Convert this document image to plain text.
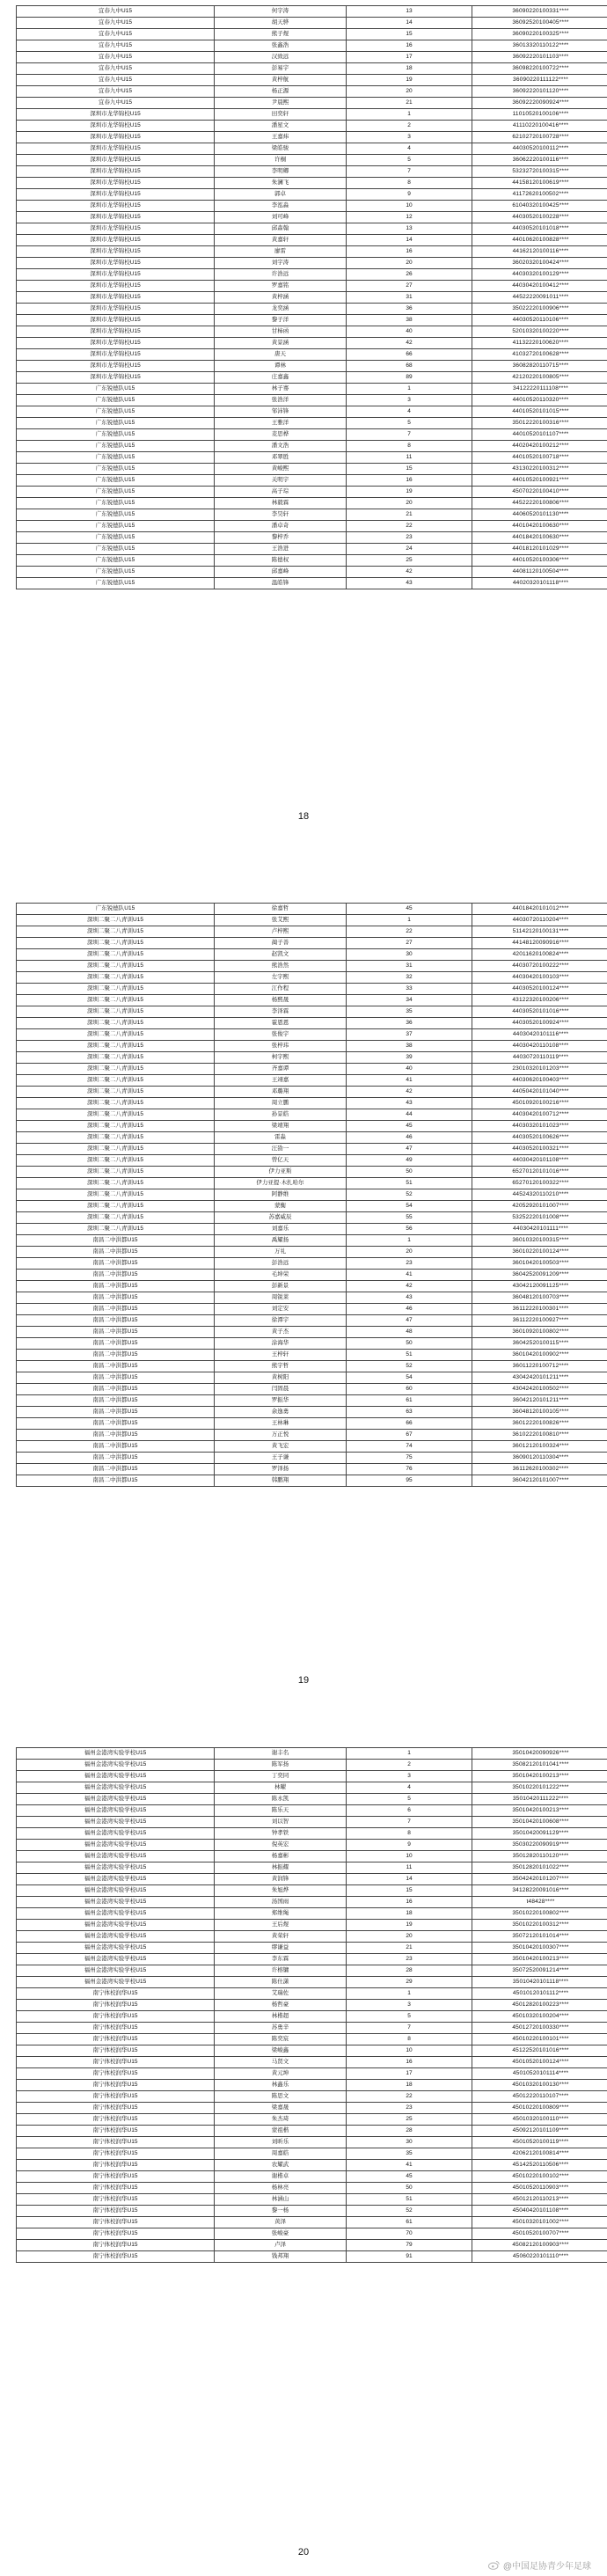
宜春九中U15	何宇涛	13	36090220100331****
宜春九中U15	胡天骅	14	36092520100405****
宜春九中U15	熊子煜	15	36090220100325****
宜春九中U15	张鑫浩	16	36013320110122****
宜春九中U15	汉致远	17	36092220101103****
宜春九中U15	彭易宇	18	36098220100722****
宜春九中U15	黄梓航	19	36090220111122****
宜春九中U15	杨正源	20	36092220101120****
宜春九中U15	尹晨熙	21	36092220090924****
深圳市龙华锦校U15	田奕轩	1	11010520100106****
深圳市龙华锦校U15	潘星文	2	41110220100416****
深圳市龙华锦校U15	王嘉炜	3	62102720100728****
深圳市龙华锦校U15	梁皓骏	4	44030520100112****
深圳市龙华锦校U15	许桐	5	36062220100116****
深圳市龙华锦校U15	李明卿	7	53232720100315****
深圳市龙华锦校U15	朱澜飞	8	44158120100619****
深圳市龙华锦校U15	郭卓	9	41172620100502****
深圳市龙华锦校U15	李泓淼	10	61040320100425****
深圳市龙华锦校U15	刘可峰	12	44030520100228****
深圳市龙华锦校U15	邱森翰	13	44030520101018****
深圳市龙华锦校U15	黄嘉轩	14	44010620100828****
深圳市龙华锦校U15	廖雷	16	44162120100116****
深圳市龙华锦校U15	刘宇涛	20	36020320100424****
深圳市龙华锦校U15	许浩远	26	44030320100129****
深圳市龙华锦校U15	罗嘉铭	27	44030420100412****
深圳市龙华锦校U15	黄梓涵	31	44522220091011****
深圳市龙华锦校U15	龙奕涵	36	35022220100906****
深圳市龙华锦校U15	黎子洋	38	44030520110106****
深圳市龙华锦校U15	甘柿函	40	52010320100220****
深圳市龙华锦校U15	黄景涵	42	41132220100620****
深圳市龙华锦校U15	唐天	66	41032720100628****
深圳市龙华锦校U15	谭林	68	36082820110715****
深圳市龙华锦校U15	庄嘉鑫	89	42120220100805****
广东锐德队U15	林子骞	1	34122220111108****
广东锐德队U15	张浩洋	3	44010520110320****
广东锐德队U15	邹沛锋	4	44010520101015****
广东锐德队U15	王雅洋	5	35012220100316****
广东锐德队U15	麦思桦	7	44010520101107****
广东锐德队U15	潘文浩	8	44020420100212****
广东锐德队U15	邓翠胜	11	44010520100718****
广东锐德队U15	黄峻熙	15	43130220100312****
广东锐德队U15	关明宇	16	44010520100921****
广东锐德队U15	高子琮	19	45070220100410****
广东锐德队U15	林毅霖	20	44522220100806****
广东锐德队U15	李昊轩	21	44060520101130****
广东锐德队U15	潘卓奇	22	44010420100630****
广东锐德队U15	黎梓乔	23	44018420100630****
广东锐德队U15	王浩进	24	44018120101029****
广东锐德队U15	陈德权	25	44010520100306****
广东锐德队U15	邱嘉峰	42	44081120100504****
广东锐德队U15	温皓锋	43	44020320101118****
18
广东锐德队U15	徐嘉哲	45	44018420101012****
深圳二聚二八青训U15	张艾熙	1	44030720110204****
深圳二聚二八青训U15	卢梓熙	22	51142120100131****
深圳二聚二八青训U15	蔺子善	27	44148120090916****
深圳二聚二八青训U15	赵凯文	30	42011620100824****
深圳二聚二八青训U15	熊浩然	31	44030720100222****
深圳二聚二八青训U15	左宇熙	32	44030420100103****
深圳二聚二八青训U15	江作程	33	44030520100124****
深圳二聚二八青训U15	杨熙晟	34	43122320100206****
深圳二聚二八青训U15	李泽霖	35	44030520101016****
深圳二聚二八青训U15	霍恩恩	36	44030520100924****
深圳二聚二八青训U15	张俊宇	37	44030420101116****
深圳二聚二八青训U15	张梓玮	38	44030420110108****
深圳二聚二八青训U15	柯宇熙	39	44030720110119****
深圳二聚二八青训U15	齐嘉谭	40	23010320101203****
深圳二聚二八青训U15	王翊嘉	41	44030620100403****
深圳二聚二八青训U15	邓璐翔	42	44050420101040****
深圳二聚二八青训U15	周立鹏	43	45010920100216****
深圳二聚二八青训U15	孙景皓	44	44030420100712****
深圳二聚二八青训U15	梁靖翔	45	44030320101023****
深圳二聚二八青训U15	雷淼	46	44030520100626****
深圳二聚二八青训U15	汪劭一	47	44030520100321****
深圳二聚二八青训U15	曾亿天	49	44030420101108****
深圳二聚二八青训U15	伊力亚斯	50	65270120101016****
深圳二聚二八青训U15	伊力亚提·木扎哈尔	51	65270120100322****
深圳二聚二八青训U15	阿静维	52	44524320110210****
深圳二聚二八青训U15	蒙衡	54	42052920101007****
深圳二聚二八青训U15	苏嘉威辰	55	53252220101008****
深圳二聚二八青训U15	刘嘉乐	56	44030420101111****
南昌二中洪都U15	禹耀扬	1	36010320100315****
南昌二中洪都U15	万礼	20	36010220100124****
南昌二中洪都U15	彭浩远	23	36010420100503****
南昌二中洪都U15	毛坤荣	41	36042520091209****
南昌二中洪都U15	彭新景	42	43042120091125****
南昌二中洪都U15	周锐莱	43	36048120100703****
南昌二中洪都U15	刘定安	46	36112220100301****
南昌二中洪都U15	徐潭宇	47	36112220100927****
南昌二中洪都U15	黄子杰	48	36010920100802****
南昌二中洪都U15	涂海华	50	36042520100115****
南昌二中洪都U15	王梓轩	51	36010420100902****
南昌二中洪都U15	熊宇哲	52	36011220100712****
南昌二中洪都U15	黄树阳	54	43042420101211****
南昌二中洪都U15	闫固晨	60	43042420100502****
南昌二中洪都U15	罗振华	61	36042120101211****
南昌二中洪都U15	余逸勇	63	36048120100105****
南昌二中洪都U15	王林琳	66	36012220100826****
南昌二中洪都U15	万正悦	67	36102220100810****
南昌二中洪都U15	黄飞宏	74	36012120100324****
南昌二中洪都U15	王子谦	75	36090120110304****
南昌二中洪都U15	罗泽扬	76	36112620100302****
南昌二中洪都U15	韩鹏翔	95	36042120101007****
19
福州金港湾实验学校U15	谢丰名	1	35010420090926****
福州金港湾实验学校U15	陈军扬	2	35082120101041****
福州金港湾实验学校U15	丁奕同	3	35010420100213****
福州金港湾实验学校U15	林曜	4	35010220101222****
福州金港湾实验学校U15	陈永凯	5	35010420111222****
福州金港湾实验学校U15	陈乐天	6	35010420100213****
福州金港湾实验学校U15	刘以智	7	35010420100608****
福州金港湾实验学校U15	钟孝铁	8	35010420091129****
福州金港湾实验学校U15	倪英宏	9	35030220090919****
福州金港湾实验学校U15	杨嘉彬	10	35012820110120****
福州金港湾实验学校U15	林振耀	11	35012820101022****
福州金港湾实验学校U15	黄润锋	14	35042420101207****
福州金港湾实验学校U15	朱旭烨	15	34128220091016****
福州金港湾实验学校U15	汤国雨	16	t48428****
福州金港湾实验学校U15	郑维绳	18	35010220100802****
福州金港湾实验学校U15	王后煜	19	35010220100312****
福州金港湾实验学校U15	黄荣轩	20	35072120101014****
福州金港湾实验学校U15	缪谦益	21	35010420100307****
福州金港湾实验学校U15	李东霖	23	35010420100213****
福州金港湾实验学校U15	许榕镛	28	35072520091214****
福州金港湾实验学校U15	陈仕潇	29	35010420101118****
南宁体校润华U15	艾瑞佐	1	45010120101112****
南宁体校润华U15	杨哲豪	3	45012820100223****
南宁体校润华U15	林楷超	5	45010320100204****
南宁体校润华U15	苏勇辛	7	45012720100330****
南宁体校润华U15	陈奕宸	8	45010220100101****
南宁体校润华U15	梁峻鑫	10	45122520101016****
南宁体校润华U15	马贤文	16	45010520100124****
南宁体校润华U15	黄元坤	17	45010520101114****
南宁体校润华U15	林鑫乐	18	45010320100130****
南宁体校润华U15	陈思文	22	45012220110107****
南宁体校润华U15	梁嘉晟	23	45010220100809****
南宁体校润华U15	朱杰琦	25	45010320100110****
南宁体校润华U15	蒙祖楷	28	45092120101109****
南宁体校润华U15	刘昕乐	30	45010520100119****
南宁体校润华U15	周嘉皓	35	42062120100814****
南宁体校润华U15	农耀武	41	45142520110506****
南宁体校润华U15	谢楷卓	45	45010220100102****
南宁体校润华U15	杨林亮	50	45010520110903****
南宁体校润华U15	林涵山	51	45012120110213****
南宁体校润华U15	黎一杨	52	45040420101108****
南宁体校润华U15	黄泽	61	45010320101002****
南宁体校润华U15	张峻豪	70	45010520100707****
南宁体校润华U15	卢泽	79	45082120100903****
南宁体校润华U15	钱邦翔	91	45060220101110****
20
@中国足协青少年足球
